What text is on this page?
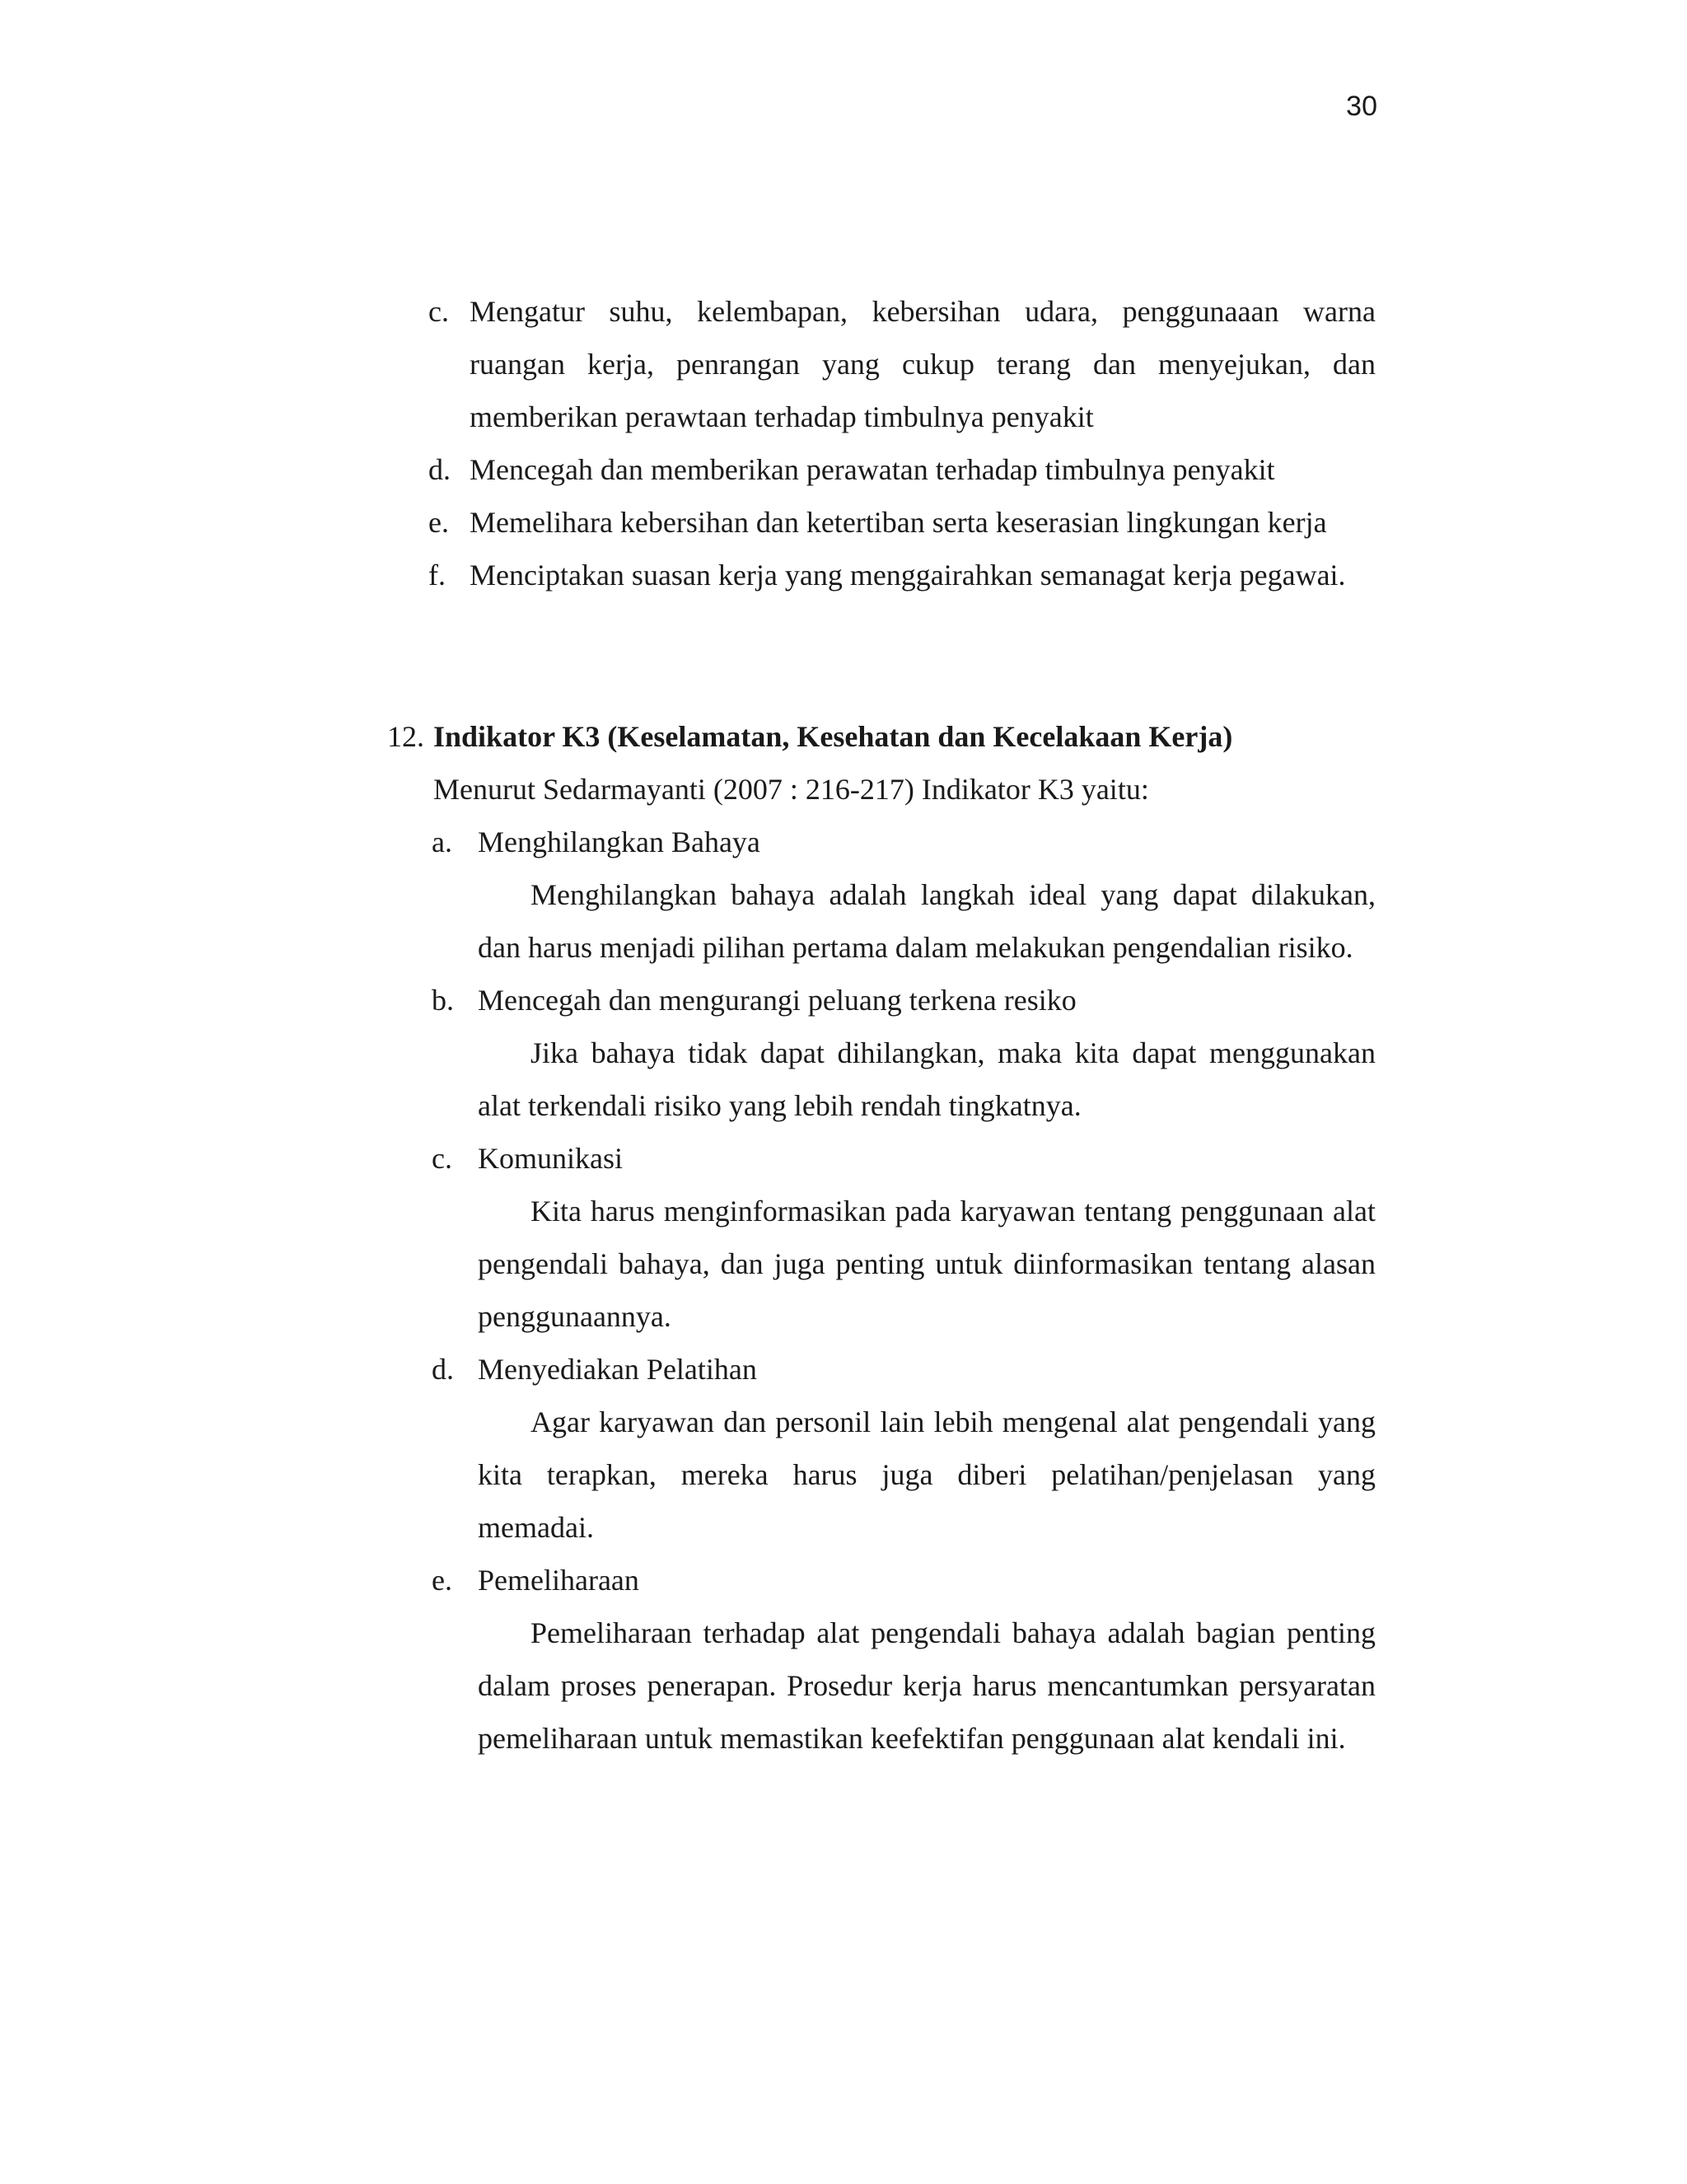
30
c. Mengatur suhu, kelembapan, kebersihan udara, penggunaaan warna ruangan kerja, penrangan yang cukup terang dan menyejukan, dan memberikan perawtaan terhadap timbulnya penyakit
d. Mencegah dan memberikan perawatan terhadap timbulnya penyakit
e. Memelihara kebersihan dan ketertiban serta keserasian lingkungan kerja
f. Menciptakan suasan kerja yang menggairahkan semanagat kerja pegawai.
12. Indikator K3 (Keselamatan, Kesehatan dan Kecelakaan Kerja)
Menurut Sedarmayanti (2007 : 216-217) Indikator K3 yaitu:
a. Menghilangkan Bahaya
Menghilangkan bahaya adalah langkah ideal yang dapat dilakukan, dan harus menjadi pilihan pertama dalam melakukan pengendalian risiko.
b. Mencegah dan mengurangi peluang terkena resiko
Jika bahaya tidak dapat dihilangkan, maka kita dapat menggunakan alat terkendali risiko yang lebih rendah tingkatnya.
c. Komunikasi
Kita harus menginformasikan pada karyawan tentang penggunaan alat pengendali bahaya, dan juga penting untuk diinformasikan tentang alasan penggunaannya.
d. Menyediakan Pelatihan
Agar karyawan dan personil lain lebih mengenal alat pengendali yang kita terapkan, mereka harus juga diberi pelatihan/penjelasan yang memadai.
e. Pemeliharaan
Pemeliharaan terhadap alat pengendali bahaya adalah bagian penting dalam proses penerapan. Prosedur kerja harus mencantumkan persyaratan pemeliharaan untuk memastikan keefektifan penggunaan alat kendali ini.
